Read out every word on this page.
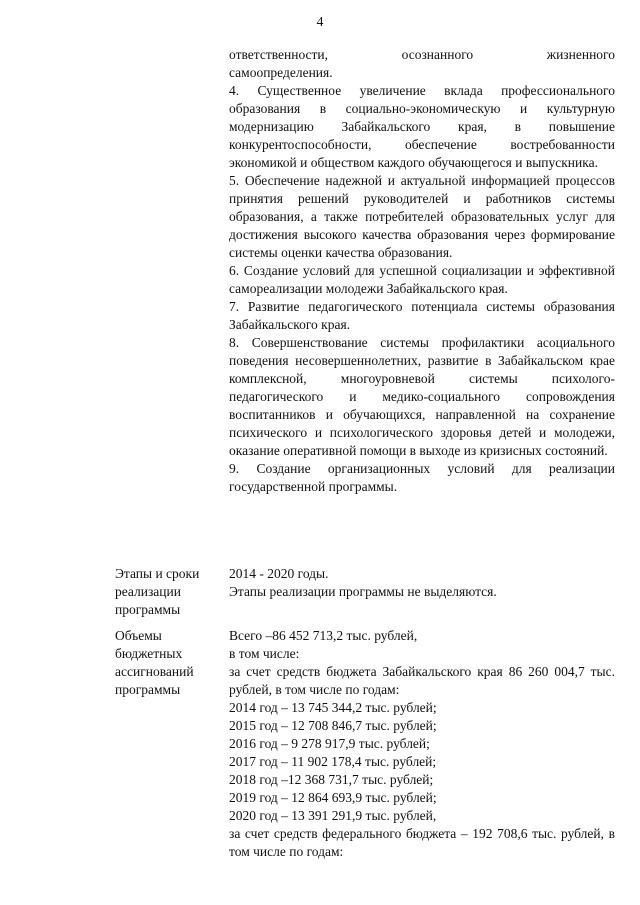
4

ответственности, осознанного жизненного

самоопределения.

4. Существенное увеличение вклада профессионального образования в социально-экономическую и культурную модернизацию Забайкальского края, в повышение конкурентоспособности, обеспечение востребованности экономикой и обществом каждого обучающегося и выпускника.

5. Обеспечение надежной и актуальной информацией процессов принятия решений руководителей и работников системы образования, а также потребителей образовательных услуг для достижения высокого качества образования через формирование системы оценки качества образования.

6. Создание условий для успешной социализации и эффективной самореализации молодежи Забайкальского края.

7. Развитие педагогического потенциала системы образования Забайкальского края.

8. Совершенствование системы профилактики асоциального поведения несовершеннолетних, развитие в Забайкальском крае комплексной, многоуровневой системы психолого-педагогического и медико-социального сопровождения воспитанников и обучающихся, направленной на сохранение психического и психологического здоровья детей и молодежи, оказание оперативной помощи в выходе из кризисных состояний.

9. Создание организационных условий для реализации государственной программы.

Этапы и сроки реализации программы

2014 - 2020 годы.

Этапы реализации программы не выделяются.

Объемы бюджетных ассигнований программы

Всего –86 452 713,2 тыс. рублей,

в том числе:

за счет средств бюджета Забайкальского края 86 260 004,7 тыс. рублей, в том числе по годам:

2014 год – 13 745 344,2 тыс. рублей;

2015 год – 12 708 846,7 тыс. рублей;

2016 год – 9 278 917,9 тыс. рублей;

2017 год – 11 902 178,4 тыс. рублей;

2018 год –12 368 731,7 тыс. рублей;

2019 год – 12 864 693,9 тыс. рублей;

2020 год – 13 391 291,9 тыс. рублей,

за счет средств федерального бюджета – 192 708,6 тыс. рублей, в том числе по годам:
